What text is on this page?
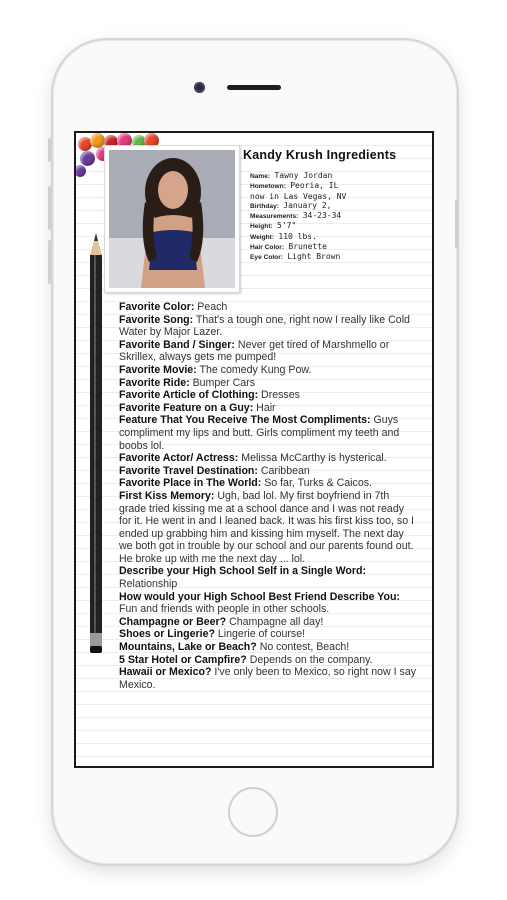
Kandy Krush Ingredients
Name: Tawny Jordan
Hometown: Peoria, IL
now in Las Vegas, NV
Birthday: January 2,
Measurements: 34-23-34
Height: 5'7"
Weight: 110 lbs.
Hair Color: Brunette
Eye Color: Light Brown

Favorite Color: Peach

Favorite Song: That's a tough one, right now I really like Cold Water by Major Lazer.

Favorite Band / Singer: Never get tired of Marshmello or Skrillex, always gets me pumped!

Favorite Movie: The comedy Kung Pow.

Favorite Ride: Bumper Cars

Favorite Article of Clothing: Dresses

Favorite Feature on a Guy: Hair

Feature That You Receive The Most Compliments: Guys compliment my lips and butt. Girls compliment my teeth and boobs lol.

Favorite Actor/ Actress: Melissa McCarthy is hysterical.

Favorite Travel Destination: Caribbean

Favorite Place in The World: So far, Turks & Caicos.

First Kiss Memory: Ugh, bad lol. My first boyfriend in 7th grade tried kissing me at a school dance and I was not ready for it. He went in and I leaned back. It was his first kiss too, so I ended up grabbing him and kissing him myself. The next day we both got in trouble by our school and our parents found out. He broke up with me the next day ... lol.

Describe your High School Self in a Single Word: Relationship

How would your High School Best Friend Describe You: Fun and friends with people in other schools.

Champagne or Beer? Champagne all day!

Shoes or Lingerie? Lingerie of course!

Mountains, Lake or Beach? No contest, Beach!

5 Star Hotel or Campfire? Depends on the company.

Hawaii or Mexico? I've only been to Mexico, so right now I say Mexico.
